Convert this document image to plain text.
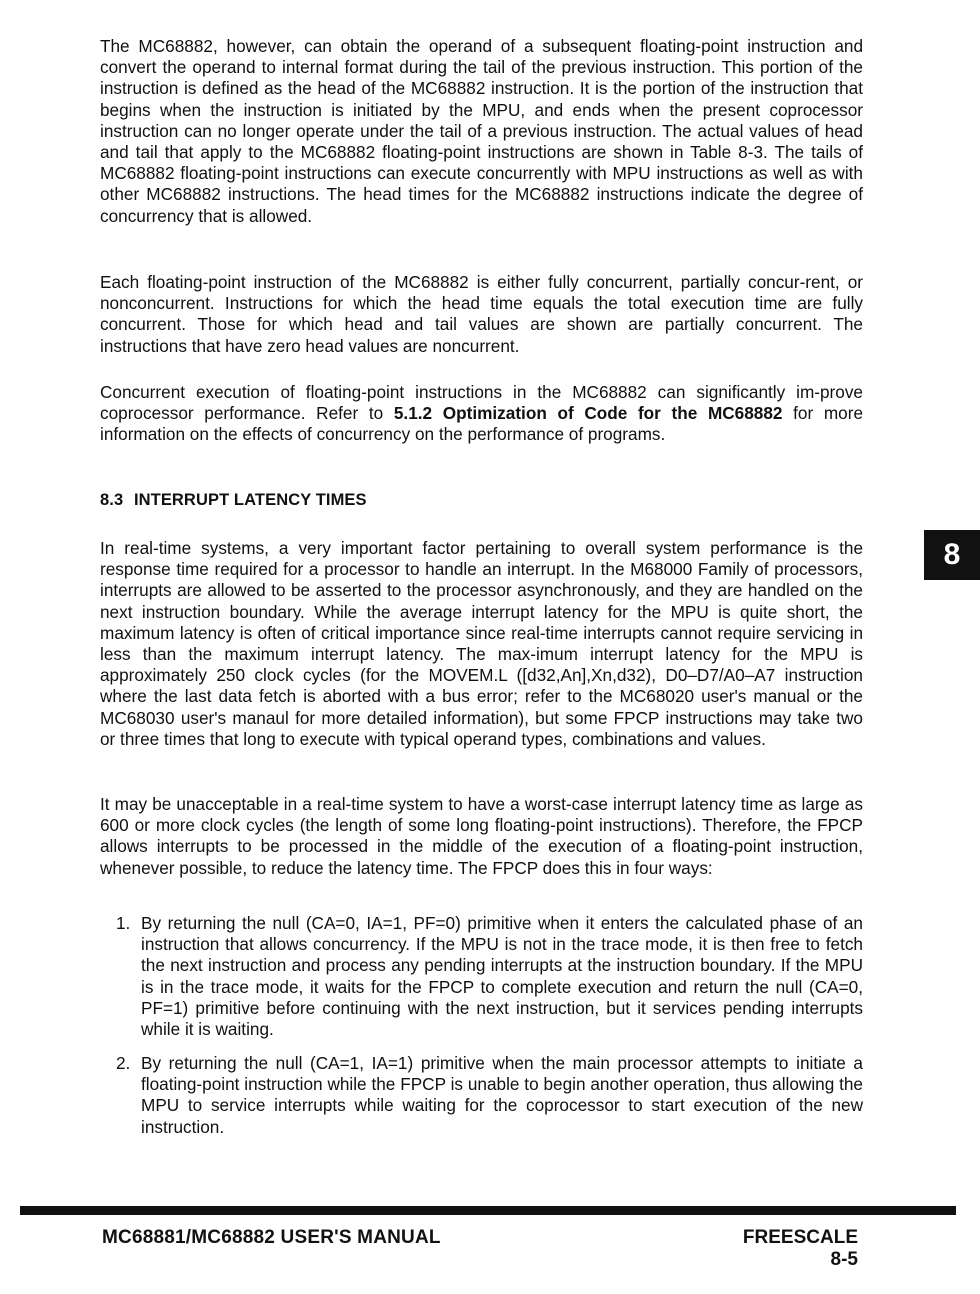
The MC68882, however, can obtain the operand of a subsequent floating-point instruction and convert the operand to internal format during the tail of the previous instruction. This portion of the instruction is defined as the head of the MC68882 instruction. It is the portion of the instruction that begins when the instruction is initiated by the MPU, and ends when the present coprocessor instruction can no longer operate under the tail of a previous instruction. The actual values of head and tail that apply to the MC68882 floating-point instructions are shown in Table 8-3. The tails of MC68882 floating-point instructions can execute concurrently with MPU instructions as well as with other MC68882 instructions. The head times for the MC68882 instructions indicate the degree of concurrency that is allowed.

Each floating-point instruction of the MC68882 is either fully concurrent, partially concur-rent, or nonconcurrent. Instructions for which the head time equals the total execution time are fully concurrent. Those for which head and tail values are shown are partially concurrent. The instructions that have zero head values are noncurrent.

Concurrent execution of floating-point instructions in the MC68882 can significantly im-prove coprocessor performance. Refer to 5.1.2 Optimization of Code for the MC68882 for more information on the effects of concurrency on the performance of programs.

8.3 INTERRUPT LATENCY TIMES

In real-time systems, a very important factor pertaining to overall system performance is the response time required for a processor to handle an interrupt. In the M68000 Family of processors, interrupts are allowed to be asserted to the processor asynchronously, and they are handled on the next instruction boundary. While the average interrupt latency for the MPU is quite short, the maximum latency is often of critical importance since real-time interrupts cannot require servicing in less than the maximum interrupt latency. The max-imum interrupt latency for the MPU is approximately 250 clock cycles (for the MOVEM.L ([d32,An],Xn,d32), D0–D7/A0–A7 instruction where the last data fetch is aborted with a bus error; refer to the MC68020 user's manual or the MC68030 user's manaul for more detailed information), but some FPCP instructions may take two or three times that long to execute with typical operand types, combinations and values.

It may be unacceptable in a real-time system to have a worst-case interrupt latency time as large as 600 or more clock cycles (the length of some long floating-point instructions). Therefore, the FPCP allows interrupts to be processed in the middle of the execution of a floating-point instruction, whenever possible, to reduce the latency time. The FPCP does this in four ways:

1. By returning the null (CA=0, IA=1, PF=0) primitive when it enters the calculated phase of an instruction that allows concurrency. If the MPU is not in the trace mode, it is then free to fetch the next instruction and process any pending interrupts at the instruction boundary. If the MPU is in the trace mode, it waits for the FPCP to complete execution and return the null (CA=0, PF=1) primitive before continuing with the next instruction, but it services pending interrupts while it is waiting.
2. By returning the null (CA=1, IA=1) primitive when the main processor attempts to initiate a floating-point instruction while the FPCP is unable to begin another operation, thus allowing the MPU to service interrupts while waiting for the coprocessor to start execution of the new instruction.
8
MC68881/MC68882 USER'S MANUAL	FREESCALE
8-5
